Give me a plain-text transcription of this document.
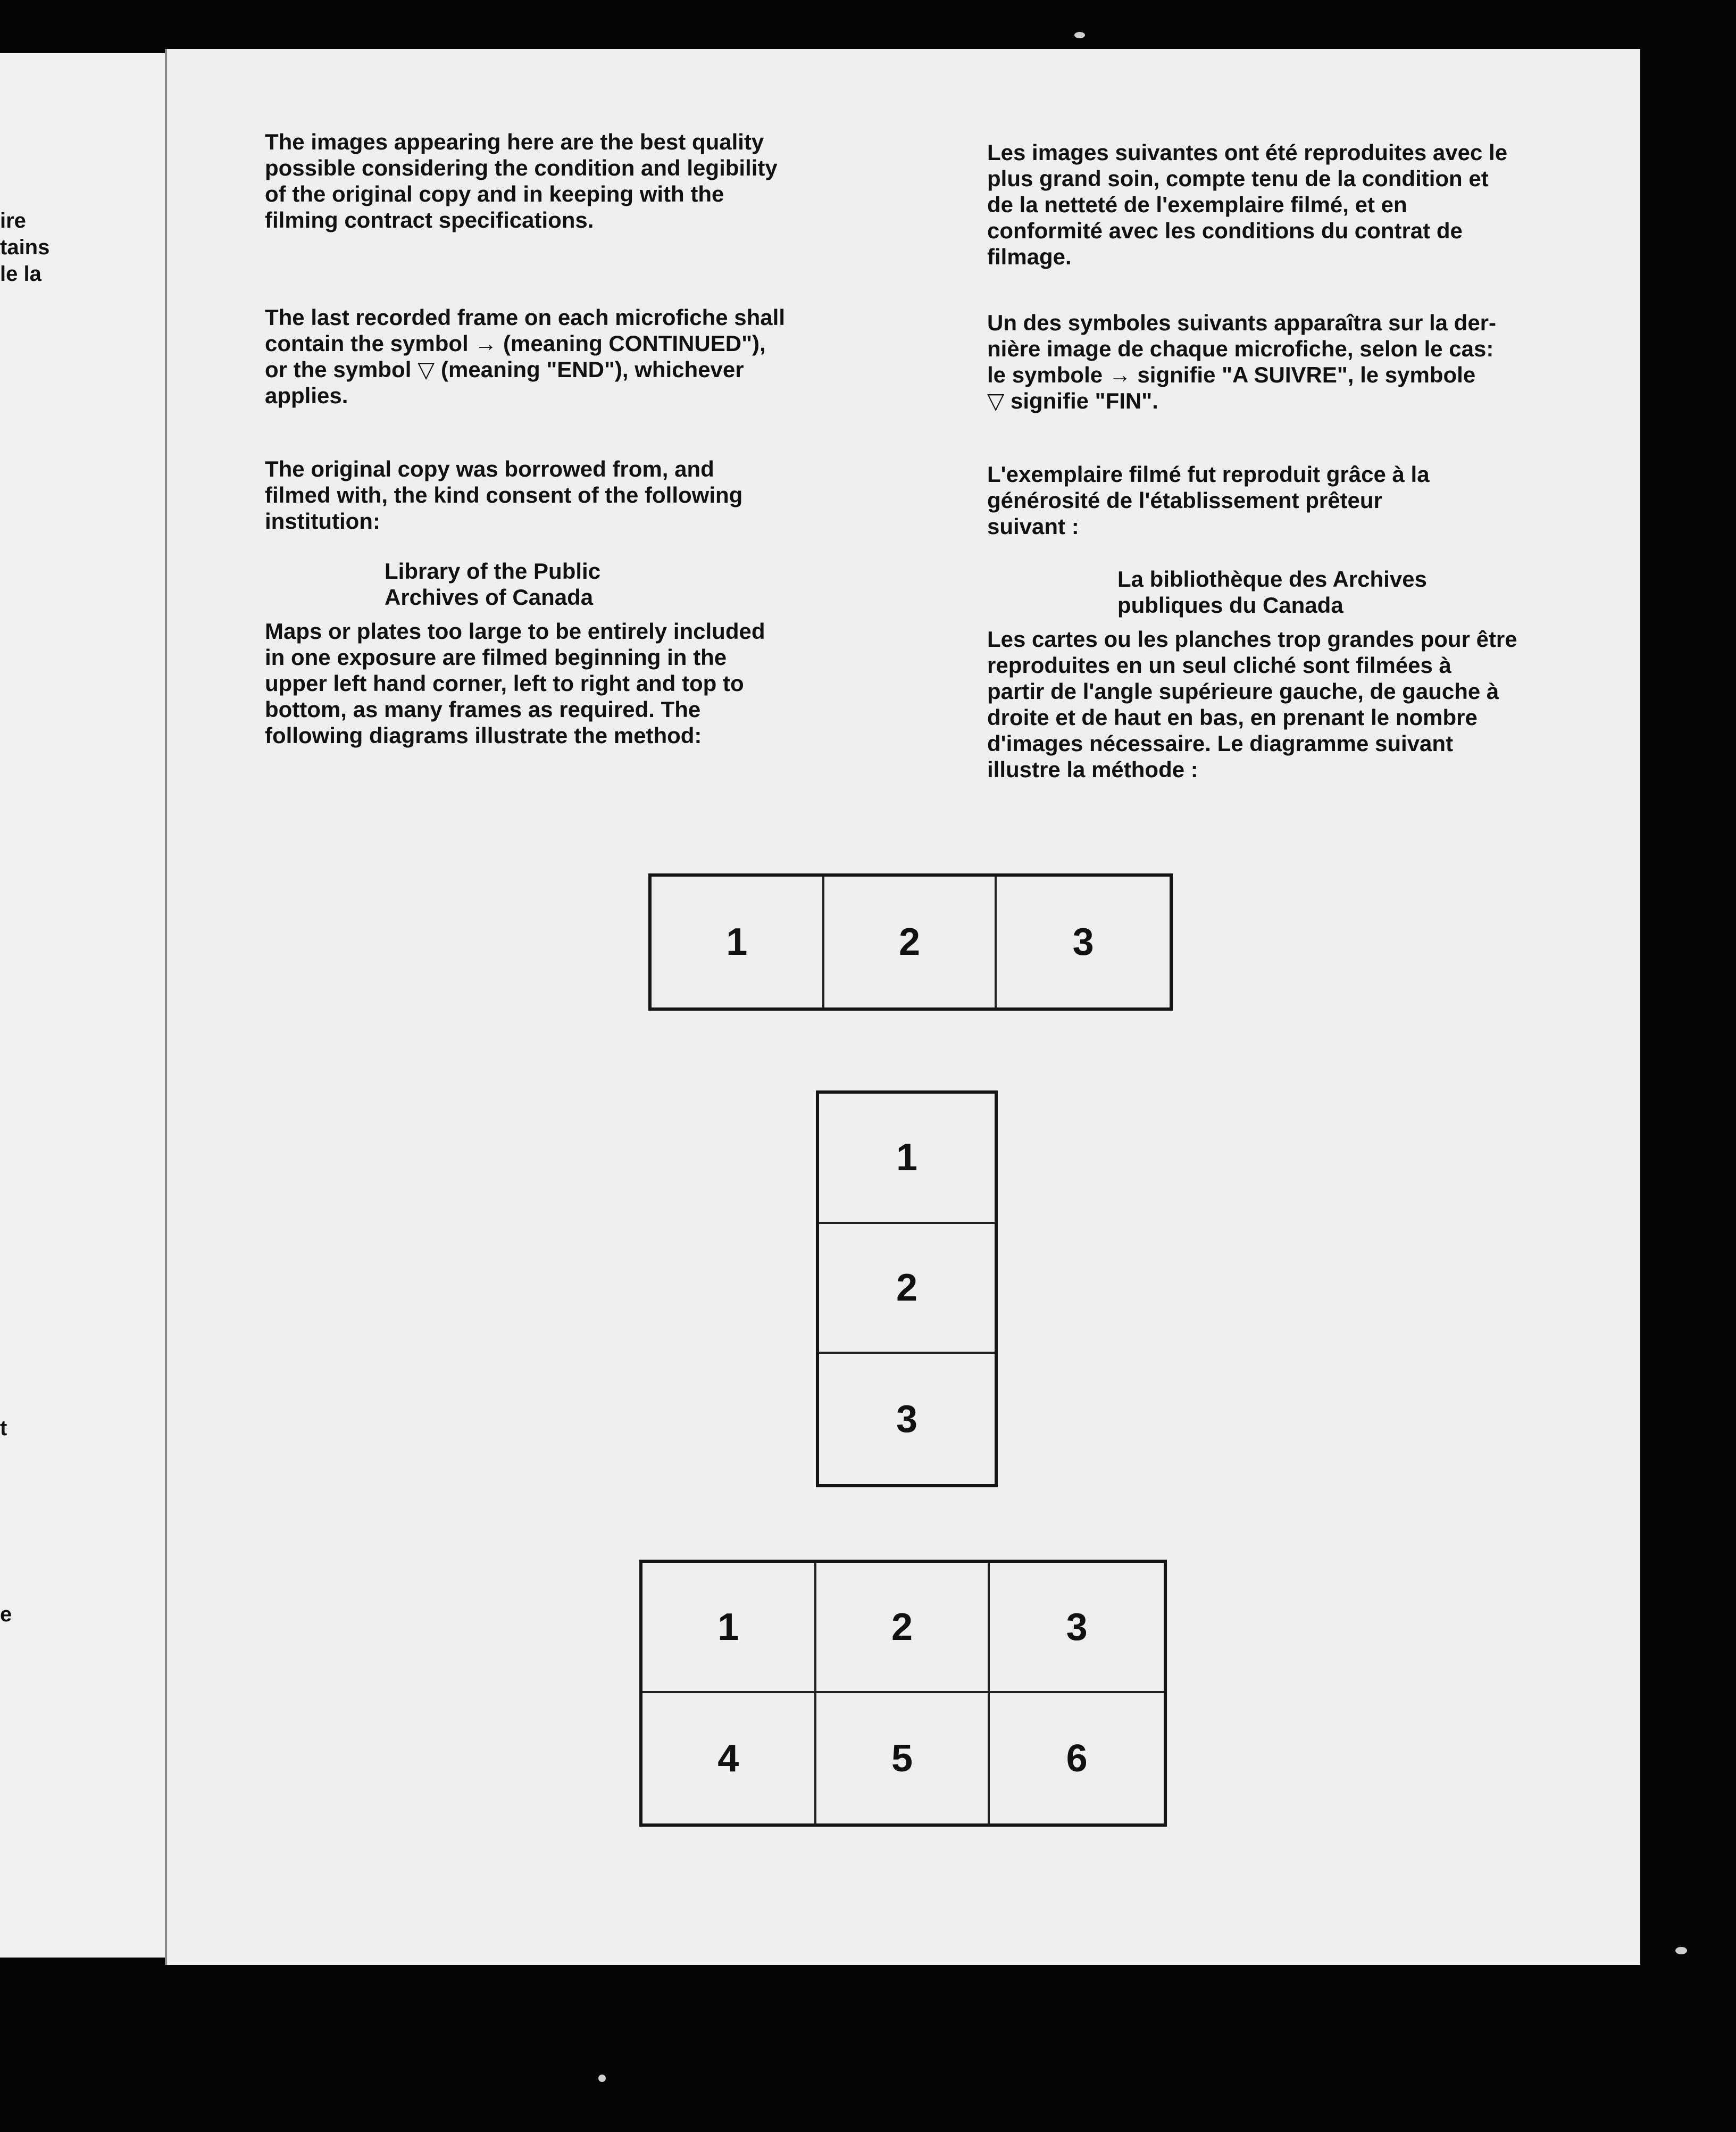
ire
tains
le la
t
e

The images appearing here are the best quality
possible considering the condition and legibility
of the original copy and in keeping with the
filming contract specifications.

The last recorded frame on each microfiche shall
contain the symbol → (meaning CONTINUED"),
or the symbol ▽ (meaning "END"), whichever
applies.

The original copy was borrowed from, and
filmed with, the kind consent of the following
institution:

Library of the Public
Archives of Canada

Maps or plates too large to be entirely included
in one exposure are filmed beginning in the
upper left hand corner, left to right and top to
bottom, as many frames as required. The
following diagrams illustrate the method:

Les images suivantes ont été reproduites avec le
plus grand soin, compte tenu de la condition et
de la netteté de l'exemplaire filmé, et en
conformité avec les conditions du contrat de
filmage.

Un des symboles suivants apparaîtra sur la der-
nière image de chaque microfiche, selon le cas:
le symbole → signifie "A SUIVRE", le symbole
▽ signifie "FIN".

L'exemplaire filmé fut reproduit grâce à la
générosité de l'établissement prêteur
suivant :

La bibliothèque des Archives
publiques du Canada

Les cartes ou les planches trop grandes pour être
reproduites en un seul cliché sont filmées à
partir de l'angle supérieure gauche, de gauche à
droite et de haut en bas, en prenant le nombre
d'images nécessaire. Le diagramme suivant
illustre la méthode :

1	2	3
1
2
3
1	2	3
4	5	6
